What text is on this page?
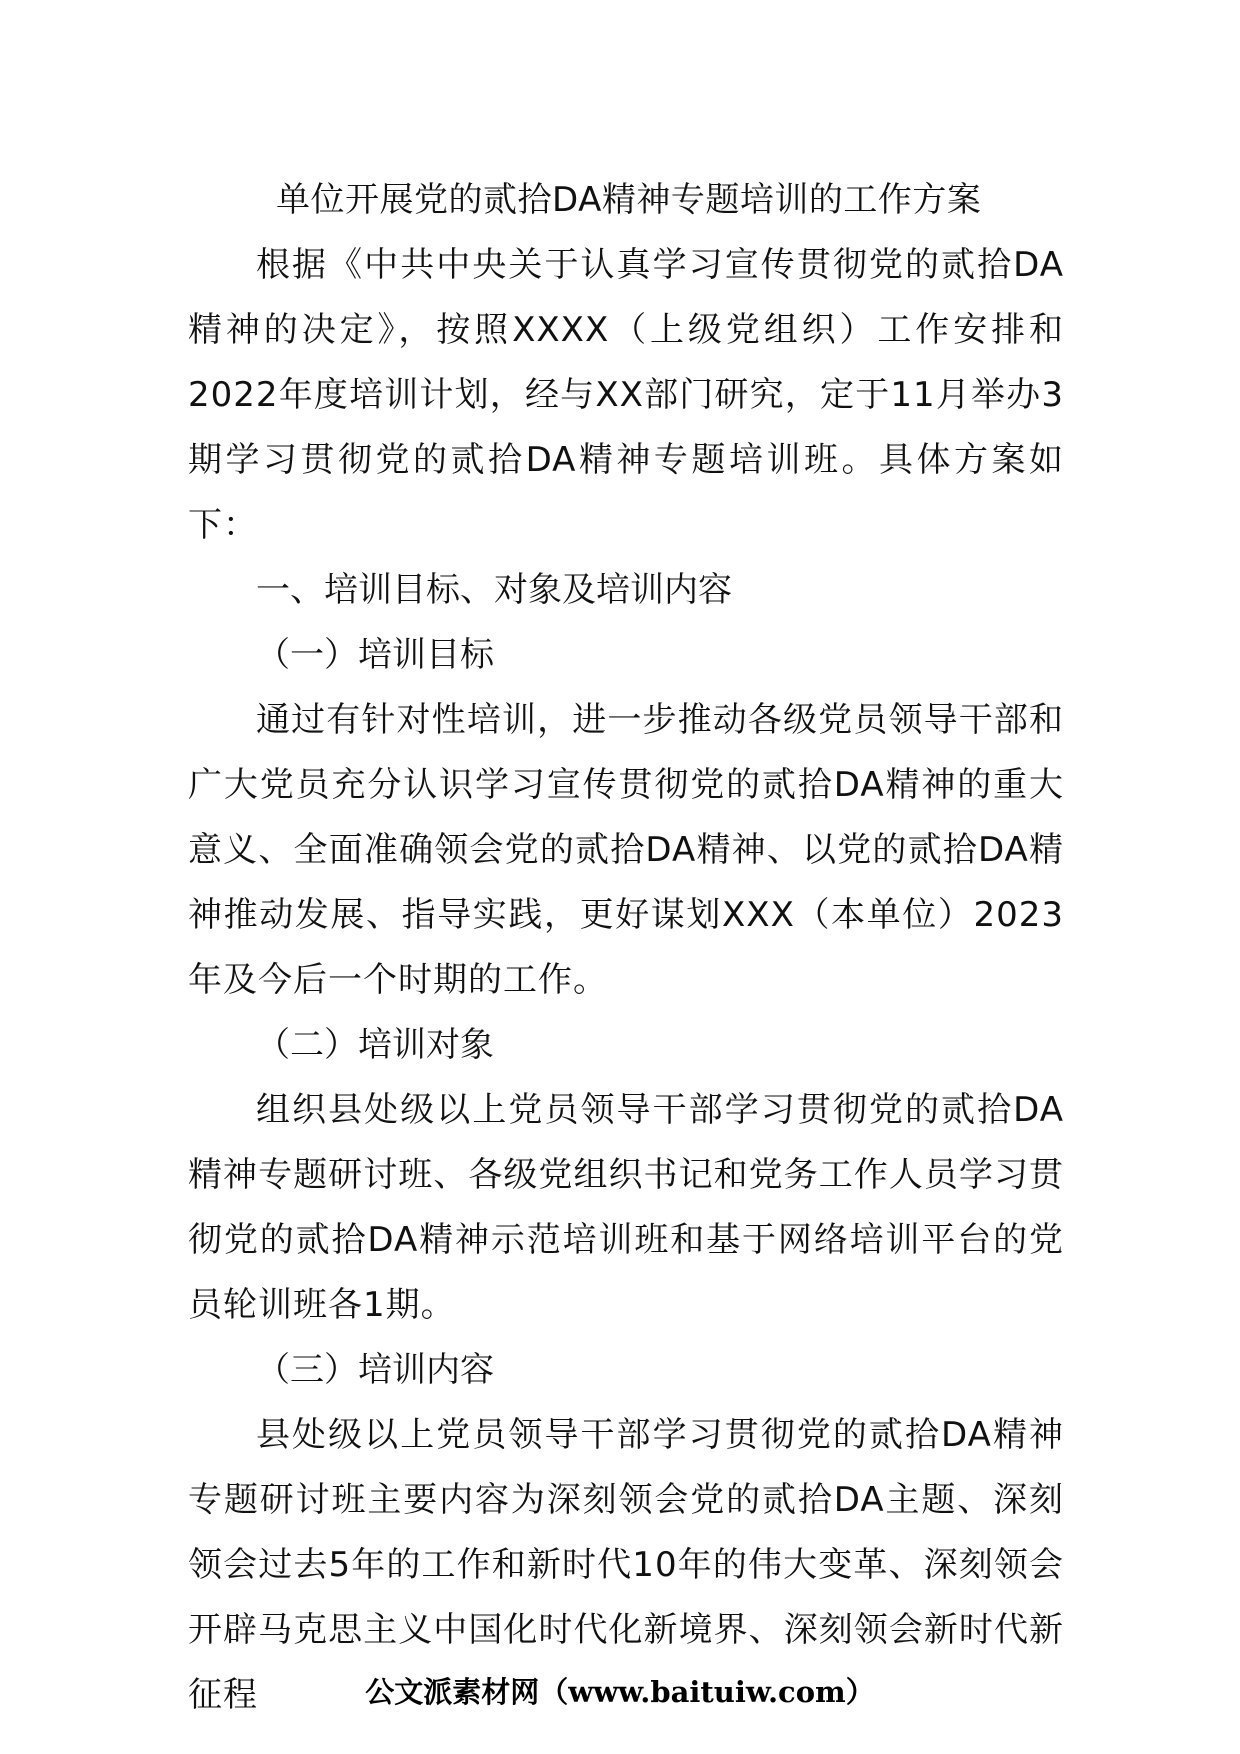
单位开展党的贰拾DA精神专题培训的工作方案

根据《中共中央关于认真学习宣传贯彻党的贰拾DA精神的决定》，按照XXXX（上级党组织）工作安排和2022年度培训计划，经与XX部门研究，定于11月举办3期学习贯彻党的贰拾DA精神专题培训班。具体方案如下：

一、培训目标、对象及培训内容

（一）培训目标

通过有针对性培训，进一步推动各级党员领导干部和广大党员充分认识学习宣传贯彻党的贰拾DA精神的重大意义、全面准确领会党的贰拾DA精神、以党的贰拾DA精神推动发展、指导实践，更好谋划XXX（本单位）2023年及今后一个时期的工作。

（二）培训对象

组织县处级以上党员领导干部学习贯彻党的贰拾DA精神专题研讨班、各级党组织书记和党务工作人员学习贯彻党的贰拾DA精神示范培训班和基于网络培训平台的党员轮训班各1期。

（三）培训内容

县处级以上党员领导干部学习贯彻党的贰拾DA精神专题研讨班主要内容为深刻领会党的贰拾DA主题、深刻领会过去5年的工作和新时代10年的伟大变革、深刻领会开辟马克思主义中国化时代化新境界、深刻领会新时代新征程	公文派素材网（www.baituiw.com）
